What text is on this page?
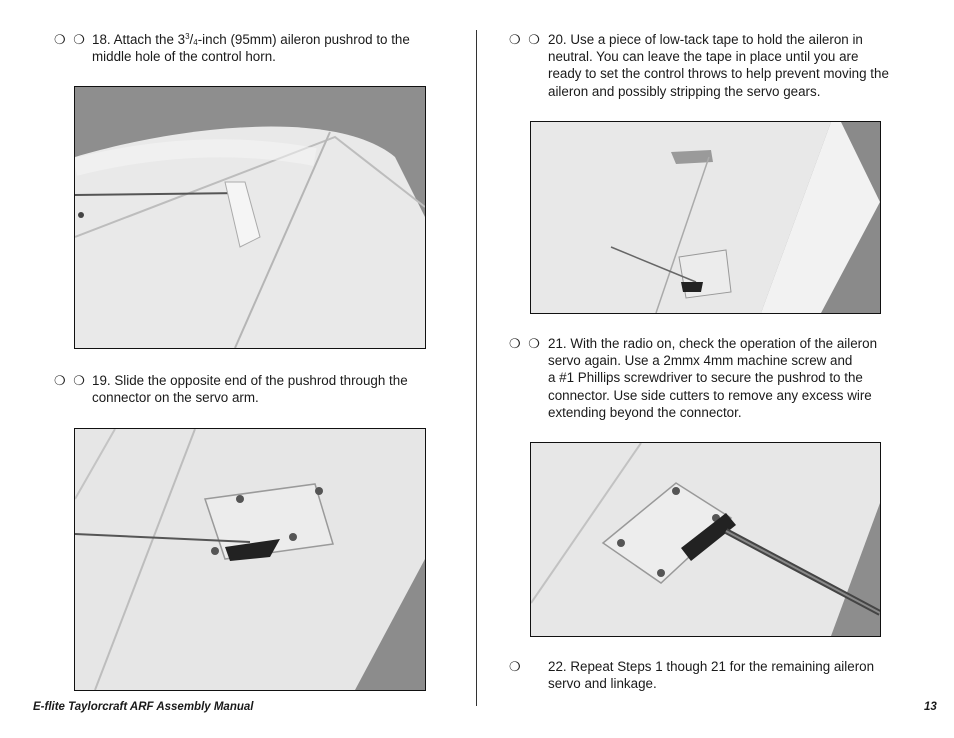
❍ ❍ 18. Attach the $3^3/_4$-inch (95mm) aileron pushrod to the
middle hole of the control horn.
❍ ❍ 19. Slide the opposite end of the pushrod through the
connector on the servo arm.
❍ ❍ 20. Use a piece of low-tack tape to hold the aileron in
neutral. You can leave the tape in place until you are
ready to set the control throws to help prevent moving the
aileron and possibly stripping the servo gears.
❍ ❍ 21. With the radio on, check the operation of the aileron
servo again. Use a 2mmx 4mm machine screw and
a #1 Phillips screwdriver to secure the pushrod to the
connector. Use side cutters to remove any excess wire
extending beyond the connector.
❍ 22. Repeat Steps 1 though 21 for the remaining aileron
servo and linkage.
E-flite Taylorcraft ARF Assembly Manual	13
